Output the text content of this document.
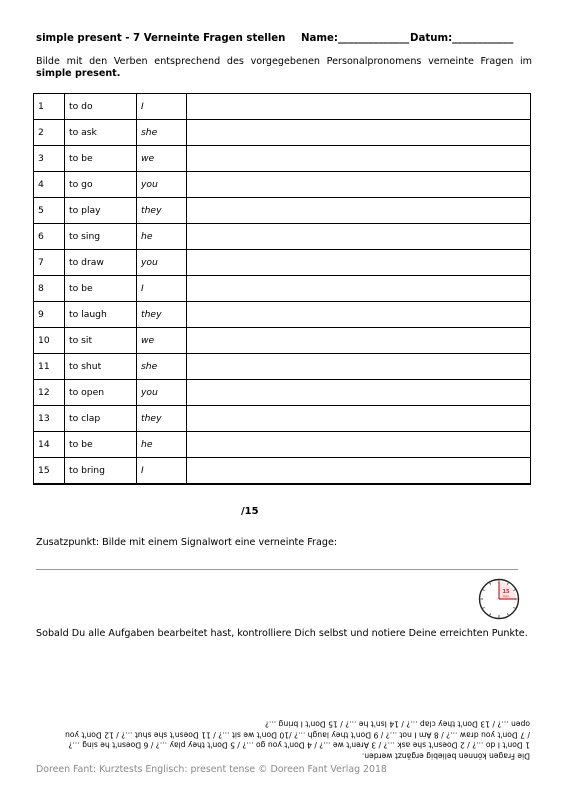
simple present - 7 Verneinte Fragen stellen Name:______________ Datum:____________
Bilde mit den Verben entsprechend des vorgegebenen Personalpronomens verneinte Fragen im simple present.
1	to do	I	
2	to ask	she	
3	to be	we	
4	to go	you	
5	to play	they	
6	to sing	he	
7	to draw	you	
8	to be	I	
9	to laugh	they	
10	to sit	we	
11	to shut	she	
12	to open	you	
13	to clap	they	
14	to be	he	
15	to bring	I	
/15
Zusatzpunkt: Bilde mit einem Signalwort eine verneinte Frage:
15
min
Sobald Du alle Aufgaben bearbeitet hast, kontrolliere Dich selbst und notiere Deine erreichten Punkte.
Die Fragen können beliebig ergänzt werden.
1 Don't I do ...? / 2 Doesn't she ask ...? / 3 Aren't we ...? / 4 Don't you go ...? / 5 Don't they play ...? / 6 Doesn't he sing ...?
/ 7 Don't you draw ...? / 8 Am I not ...? / 9 Don't they laugh ...? /10 Don't we sit ...? / 11 Doesn't she shut ...? / 12 Don't you
open ...? / 13 Don't they clap ...? / 14 Isn't he ...? / 15 Don't I bring ...?
Doreen Fant: Kurztests Englisch: present tense © Doreen Fant Verlag 2018
